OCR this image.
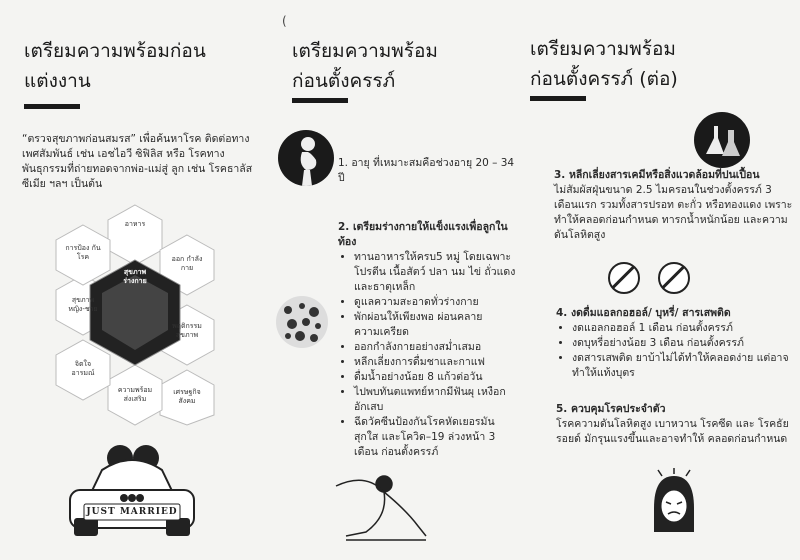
เตรียมความพร้อมก่อน
แต่งงาน

“ตรวจสุขภาพก่อนสมรส” เพื่อค้นหาโรค ติดต่อทางเพศสัมพันธ์ เช่น เอชไอวี ซิฟิลิส หรือ โรคทางพันธุกรรมที่ถ่ายทอดจากพ่อ-แม่สู่ ลูก เช่น โรคธาลัสซีเมีย ฯลฯ เป็นต้น

อาหาร
ออก กำลังกาย
พฤติกรรม สุขภาพ
เศรษฐกิจ สังคม
ความพร้อม ส่งเสริม
จิตใจ อารมณ์
สุขภาพ หญิง-ชาย
การป้อง กันโรค
สุขภาพ ร่างกาย
JUST MARRIED
(
เตรียมความพร้อม
ก่อนตั้งครรภ์

1. อายุ ที่เหมาะสมคือช่วงอายุ 20 – 34 ปี

2. เตรียมร่างกายให้แข็งแรงเพื่อลูกในท้อง
• ทานอาหารให้ครบ5 หมู่ โดยเฉพาะ โปรตีน เนื้อสัตว์ ปลา นม ไข่ ถั่วแดง และธาตุเหล็ก
• ดูแลความสะอาดทั่วร่างกาย
• พักผ่อนให้เพียงพอ ผ่อนคลาย ความเครียด
• ออกกำลังกายอย่างสม่ำเสมอ
• หลีกเลี่ยงการดื่มชาและกาแฟ
• ดื่มน้ำอย่างน้อย 8 แก้วต่อวัน
• ไปพบทันตแพทย์หากมีฟันผุ เหงือก อักเสบ
• ฉีดวัคซีนป้องกันโรคหัดเยอรมัน สุกใส และโควิด–19 ล่วงหน้า 3 เดือน ก่อนตั้งครรภ์
เตรียมความพร้อม
ก่อนตั้งครรภ์ (ต่อ)
3. หลีกเลี่ยงสารเคมีหรือสิ่งแวดล้อมที่ปนเปื้อน
ไม่สัมผัสฝุ่นขนาด 2.5 ไมครอนในช่วงตั้งครรภ์ 3 เดือนแรก รวมทั้งสารปรอท ตะกั่ว หรือทองแดง เพราะทำให้คลอดก่อนกำหนด ทารกน้ำหนักน้อย และความดันโลหิตสูง
4. งดดื่มแอลกอฮอล์/ บุหรี่/ สารเสพติด
• งดแอลกอฮอล์ 1 เดือน ก่อนตั้งครรภ์
• งดบุหรี่อย่างน้อย 3 เดือน ก่อนตั้งครรภ์
• งดสารเสพติด ยาบ้าไม่ได้ทำให้คลอดง่าย แต่อาจทำให้แท้งบุตร
5. ควบคุมโรคประจำตัว
โรคความดันโลหิตสูง เบาหวาน โรคซีด และ โรคธัยรอยด์ มักรุนแรงขึ้นและอาจทำให้ คลอดก่อนกำหนด
